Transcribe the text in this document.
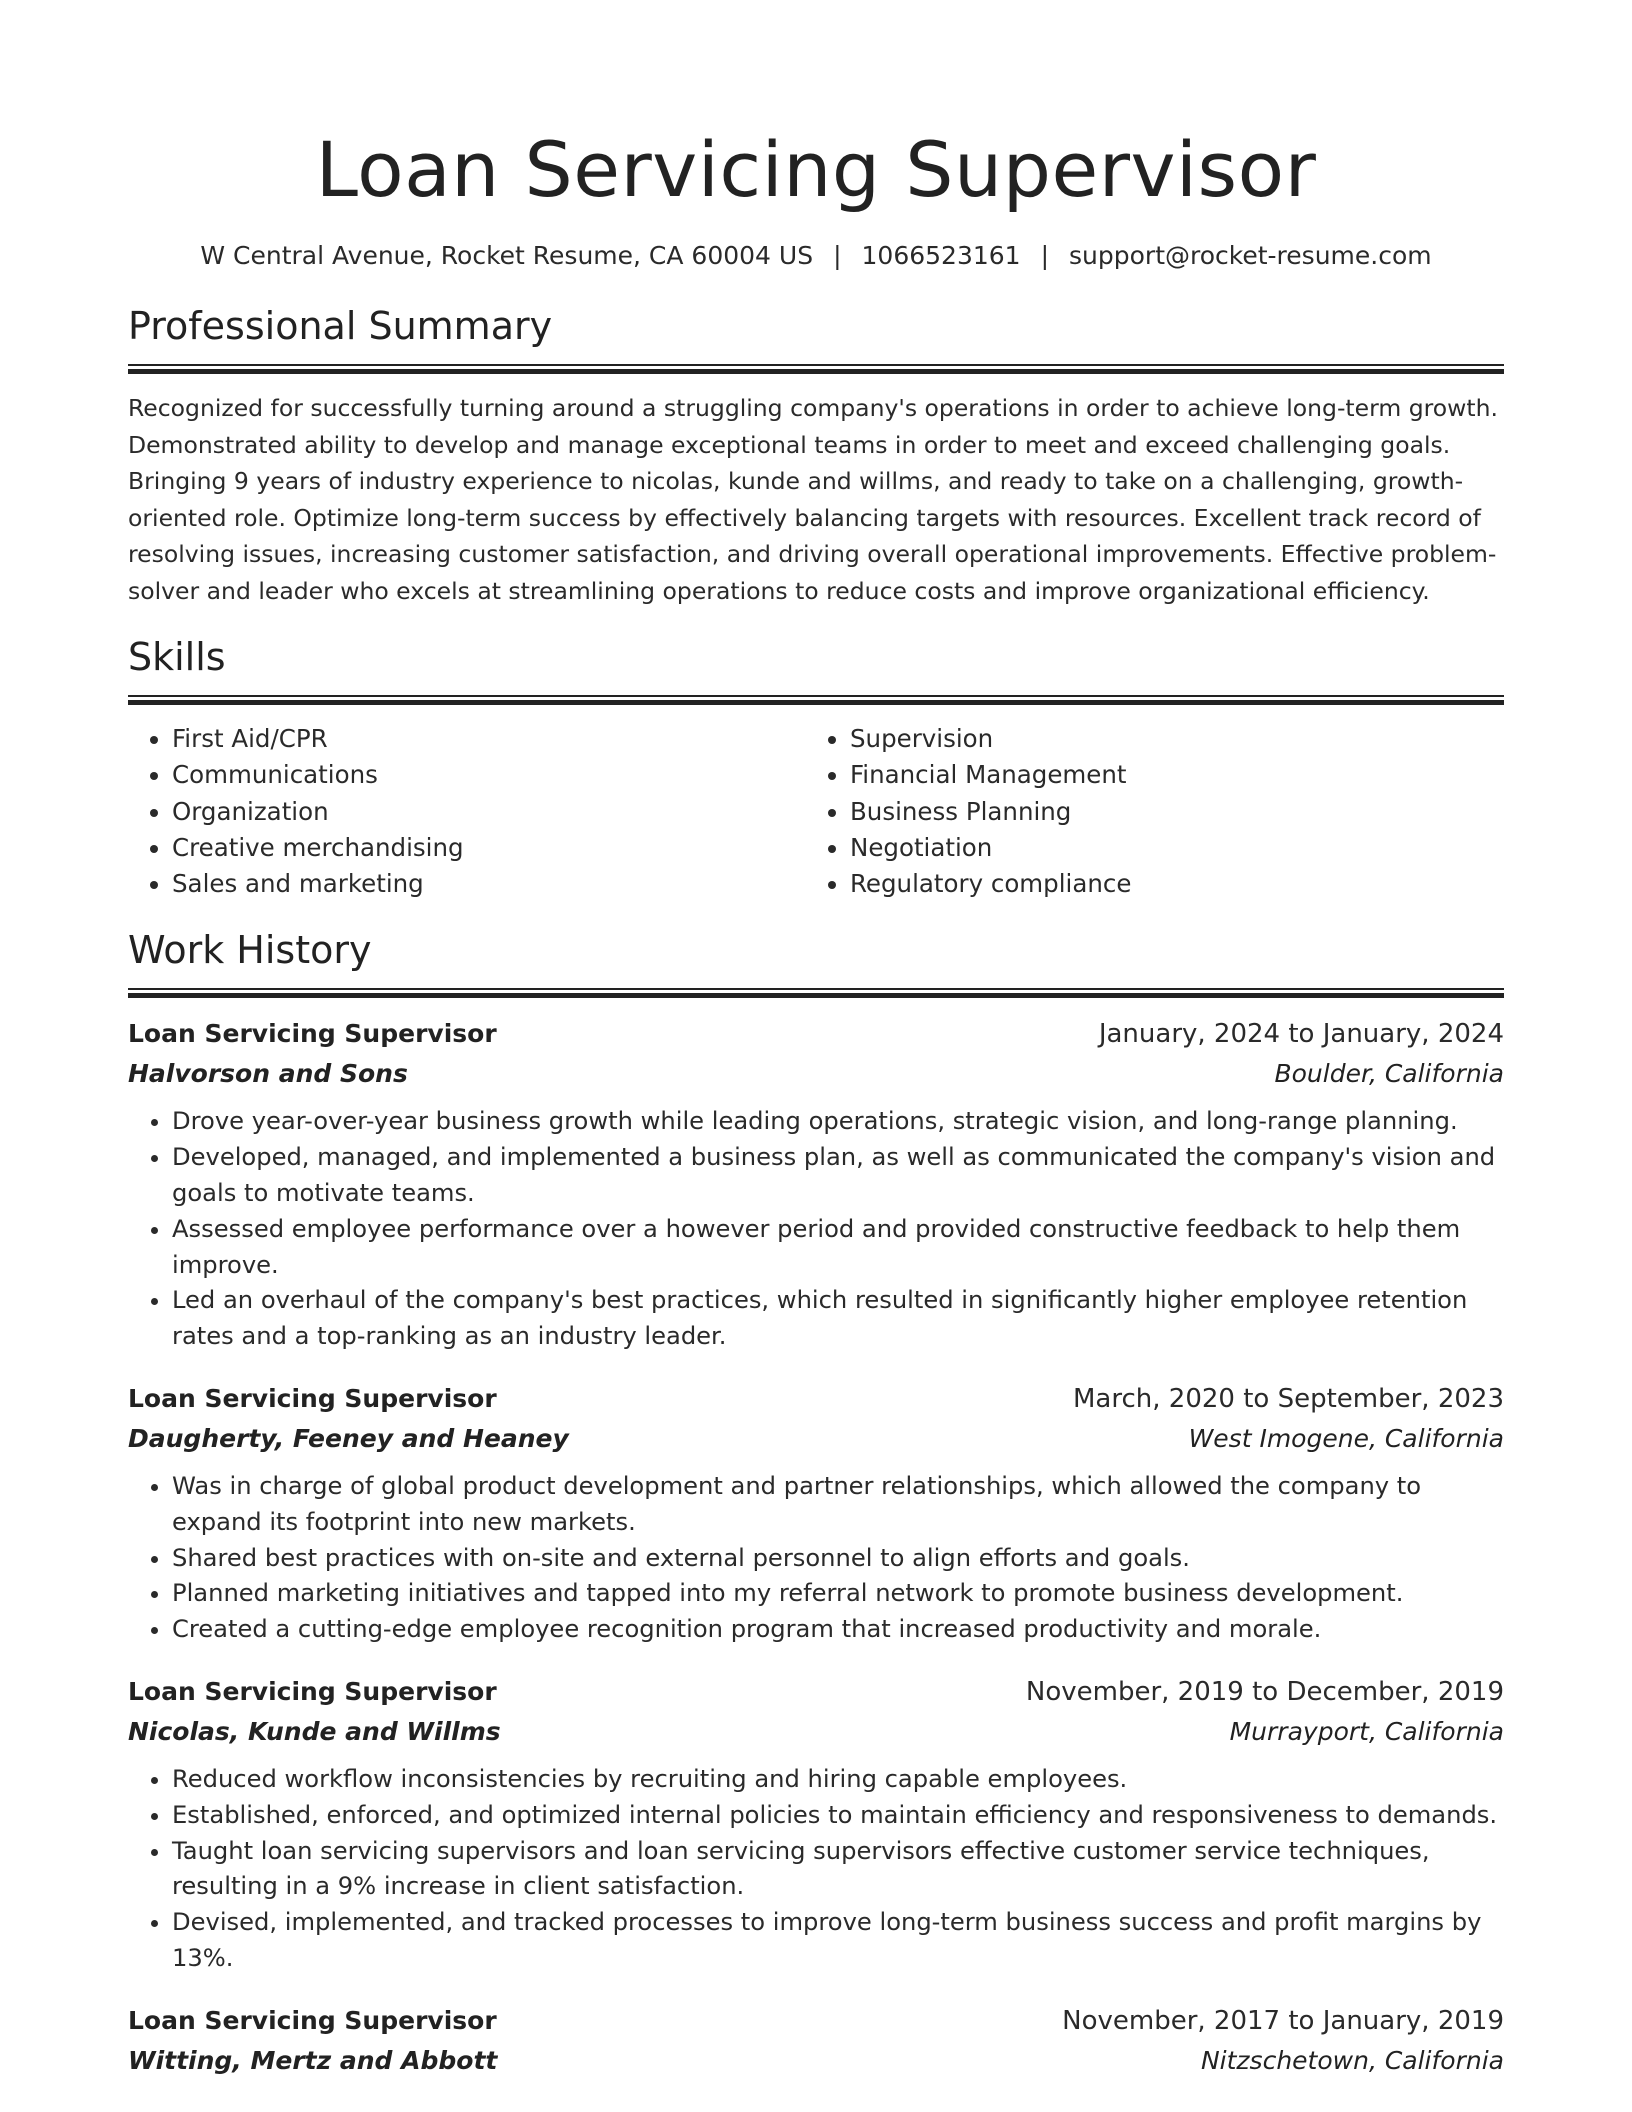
Loan Servicing Supervisor
W Central Avenue, Rocket Resume, CA 60004 US | 1066523161 | support@rocket-resume.com
Professional Summary
Recognized for successfully turning around a struggling company's operations in order to achieve long-term growth. Demonstrated ability to develop and manage exceptional teams in order to meet and exceed challenging goals. Bringing 9 years of industry experience to nicolas, kunde and willms, and ready to take on a challenging, growth-oriented role. Optimize long-term success by effectively balancing targets with resources. Excellent track record of resolving issues, increasing customer satisfaction, and driving overall operational improvements. Effective problem-solver and leader who excels at streamlining operations to reduce costs and improve organizational efficiency.
Skills
• First Aid/CPR
• Communications
• Organization
• Creative merchandising
• Sales and marketing
• Supervision
• Financial Management
• Business Planning
• Negotiation
• Regulatory compliance
Work History
Loan Servicing Supervisor	January, 2024 to January, 2024
Halvorson and Sons	Boulder, California
• Drove year-over-year business growth while leading operations, strategic vision, and long-range planning.
• Developed, managed, and implemented a business plan, as well as communicated the company's vision and goals to motivate teams.
• Assessed employee performance over a however period and provided constructive feedback to help them improve.
• Led an overhaul of the company's best practices, which resulted in significantly higher employee retention rates and a top-ranking as an industry leader.
Loan Servicing Supervisor	March, 2020 to September, 2023
Daugherty, Feeney and Heaney	West Imogene, California
• Was in charge of global product development and partner relationships, which allowed the company to expand its footprint into new markets.
• Shared best practices with on-site and external personnel to align efforts and goals.
• Planned marketing initiatives and tapped into my referral network to promote business development.
• Created a cutting-edge employee recognition program that increased productivity and morale.
Loan Servicing Supervisor	November, 2019 to December, 2019
Nicolas, Kunde and Willms	Murrayport, California
• Reduced workflow inconsistencies by recruiting and hiring capable employees.
• Established, enforced, and optimized internal policies to maintain efficiency and responsiveness to demands.
• Taught loan servicing supervisors and loan servicing supervisors effective customer service techniques, resulting in a 9% increase in client satisfaction.
• Devised, implemented, and tracked processes to improve long-term business success and profit margins by 13%.
Loan Servicing Supervisor	November, 2017 to January, 2019
Witting, Mertz and Abbott	Nitzschetown, California
